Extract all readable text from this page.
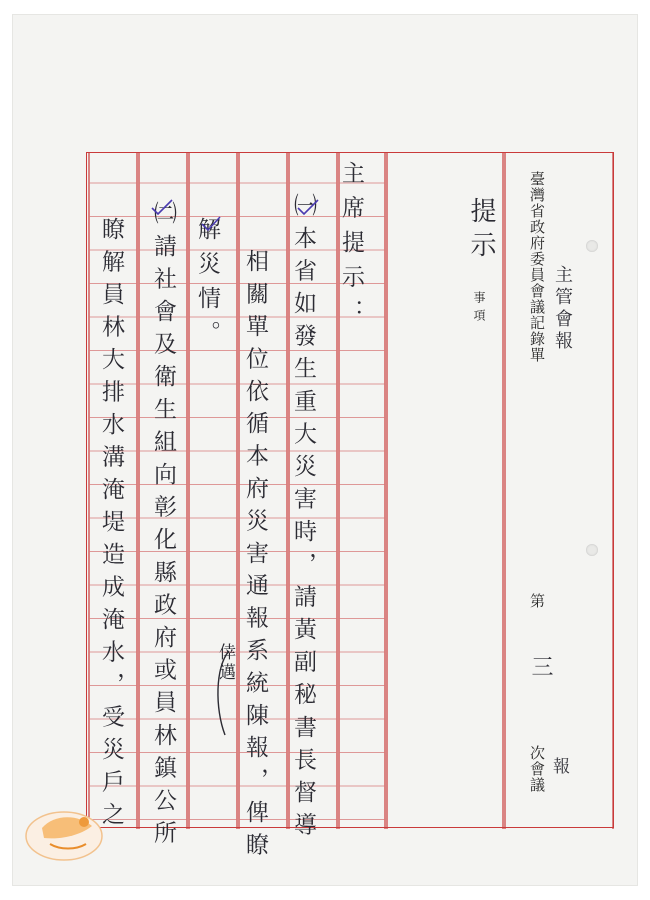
臺灣省政府委員會議記錄單 主管會報
第
三
次會議 報
提示
事項
主席提示：
㈠本省如發生重大災害時，請黃副秘書長督導
相關單位依循本府災害通報系統陳報，俾瞭
解災情。
㈡請社會及衛生組向彰化縣政府或員林鎮公所
瞭解員林大排水溝淹堤造成淹水，受災戶之	倖邁
